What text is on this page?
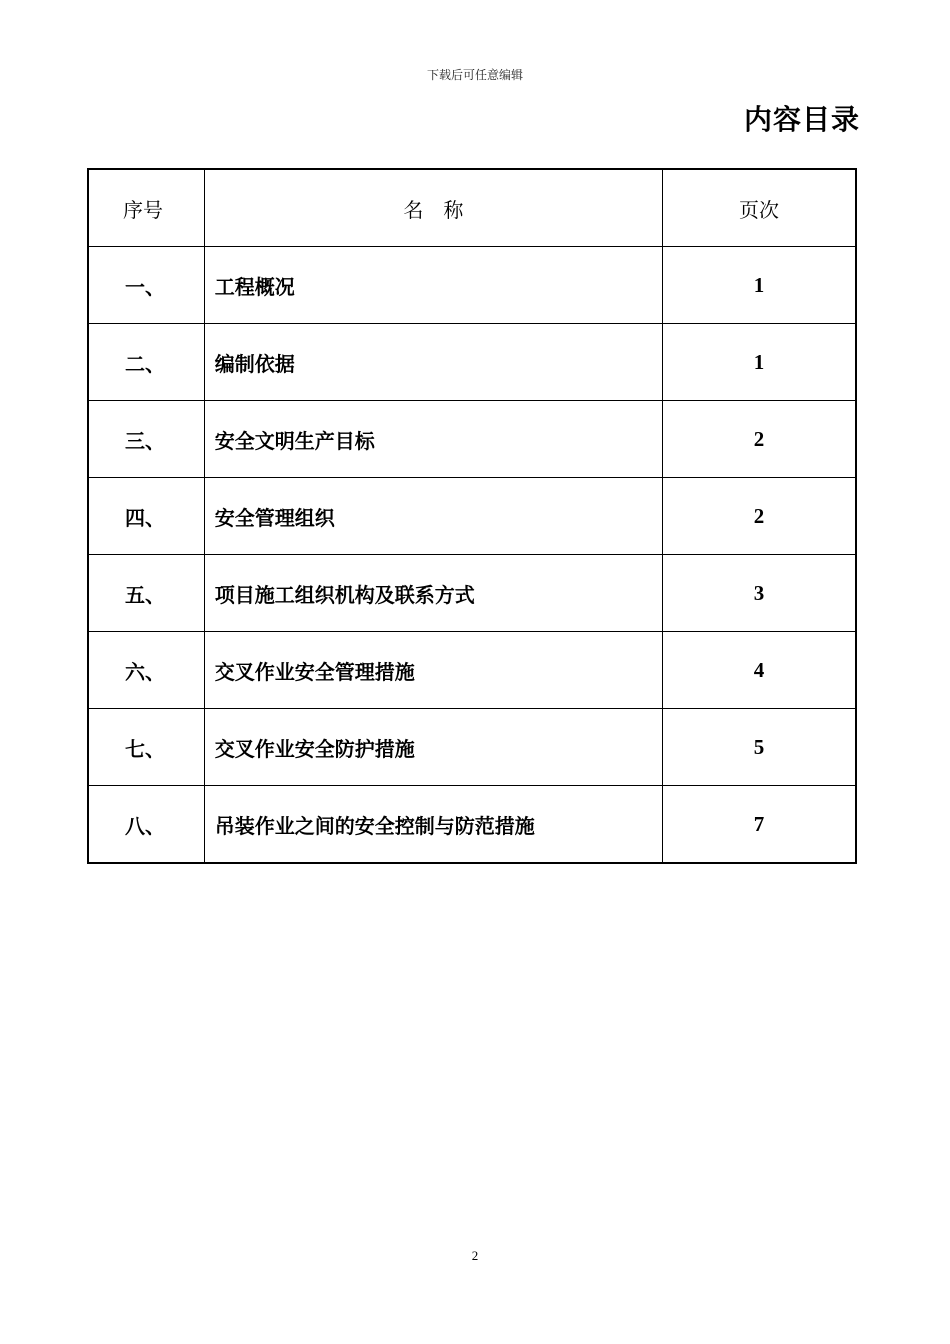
下载后可任意编辑
内容目录
序号	名　称	页次
一、	工程概况	1
二、	编制依据	1
三、	安全文明生产目标	2
四、	安全管理组织	2
五、	项目施工组织机构及联系方式	3
六、	交叉作业安全管理措施	4
七、	交叉作业安全防护措施	5
八、	吊装作业之间的安全控制与防范措施	7
2
